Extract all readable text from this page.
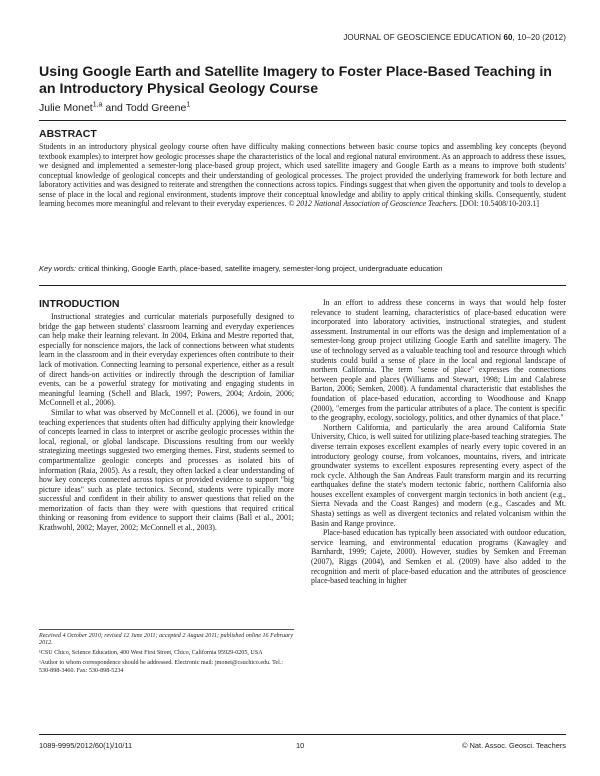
JOURNAL OF GEOSCIENCE EDUCATION 60, 10–20 (2012)
Using Google Earth and Satellite Imagery to Foster Place-Based Teaching in an Introductory Physical Geology Course
Julie Monet$^{1,a}$ and Todd Greene$^1$
ABSTRACT

Students in an introductory physical geology course often have difficulty making connections between basic course topics and assembling key concepts (beyond textbook examples) to interpret how geologic processes shape the characteristics of the local and regional natural environment. As an approach to address these issues, we designed and implemented a semester-long place-based group project, which used satellite imagery and Google Earth as a means to improve both students' conceptual knowledge of geological concepts and their understanding of geological processes. The project provided the underlying framework for both lecture and laboratory activities and was designed to reiterate and strengthen the connections across topics. Findings suggest that when given the opportunity and tools to develop a sense of place in the local and regional environment, students improve their conceptual knowledge and ability to apply critical thinking skills. Consequently, student learning becomes more meaningful and relevant to their everyday experiences. © 2012 National Association of Geoscience Teachers. [DOI: 10.5408/10-203.1]

Key words: critical thinking, Google Earth, place-based, satellite imagery, semester-long project, undergraduate education

INTRODUCTION

Instructional strategies and curricular materials purposefully designed to bridge the gap between students' classroom learning and everyday experiences can help make their learning relevant. In 2004, Etkina and Mestre reported that, especially for nonscience majors, the lack of connections between what students learn in the classroom and in their everyday experiences often contribute to their lack of motivation. Connecting learning to personal experience, either as a result of direct hands-on activities or indirectly through the description of familiar events, can be a powerful strategy for motivating and engaging students in meaningful learning (Schell and Black, 1997; Powers, 2004; Ardoin, 2006; McConnell et al., 2006).

Similar to what was observed by McConnell et al. (2006), we found in our teaching experiences that students often had difficulty applying their knowledge of concepts learned in class to interpret or ascribe geologic processes within the local, regional, or global landscape. Discussions resulting from our weekly strategizing meetings suggested two emerging themes. First, students seemed to compartmentalize geologic concepts and processes as isolated bits of information (Raia, 2005). As a result, they often lacked a clear understanding of how key concepts connected across topics or provided evidence to support "big picture ideas" such as plate tectonics. Second, students were typically more successful and confident in their ability to answer questions that relied on the memorization of facts than they were with questions that required critical thinking or reasoning from evidence to support their claims (Ball et al., 2001; Krathwohl, 2002; Mayer, 2002; McConnell et al., 2003).

In an effort to address these concerns in ways that would help foster relevance to student learning, characteristics of place-based education were incorporated into laboratory activities, instructional strategies, and student assessment. Instrumental in our efforts was the design and implementation of a semester-long group project utilizing Google Earth and satellite imagery. The use of technology served as a valuable teaching tool and resource through which students could build a sense of place in the local and regional landscape of northern California. The term "sense of place" expresses the connections between people and places (Williams and Stewart, 1998; Lim and Calabrese Barton, 2006; Semken, 2008). A fundamental characteristic that establishes the foundation of place-based education, according to Woodhouse and Knapp (2000), "emerges from the particular attributes of a place. The content is specific to the geography, ecology, sociology, politics, and other dynamics of that place."

Northern California, and particularly the area around California State University, Chico, is well suited for utilizing place-based teaching strategies. The diverse terrain exposes excellent examples of nearly every topic covered in an introductory geology course, from volcanoes, mountains, rivers, and intricate groundwater systems to excellent exposures representing every aspect of the rock cycle. Although the San Andreas Fault transform margin and its recurring earthquakes define the state's modern tectonic fabric, northern California also houses excellent examples of convergent margin tectonics in both ancient (e.g., Sierra Nevada and the Coast Ranges) and modern (e.g., Cascades and Mt. Shasta) settings as well as divergent tectonics and related volcanism within the Basin and Range province.

Place-based education has typically been associated with outdoor education, service learning, and environmental education programs (Kawagley and Barnhardt, 1999; Cajete, 2000). However, studies by Semken and Freeman (2007), Riggs (2004), and Semken et al. (2009) have also added to the recognition and merit of place-based education and the attributes of geoscience place-based teaching in higher

Received 4 October 2010; revised 12 June 2011; accepted 2 August 2011; published online 16 February 2012.

¹CSU Chico, Science Education, 400 West First Street, Chico, California 95929-0205, USA

ᵃAuthor to whom correspondence should be addressed. Electronic mail: jmonet@csuchico.edu. Tel.: 530-898-3460. Fax: 530-898-5234

1089-9995/2012/60(1)/10/11	10	© Nat. Assoc. Geosci. Teachers
